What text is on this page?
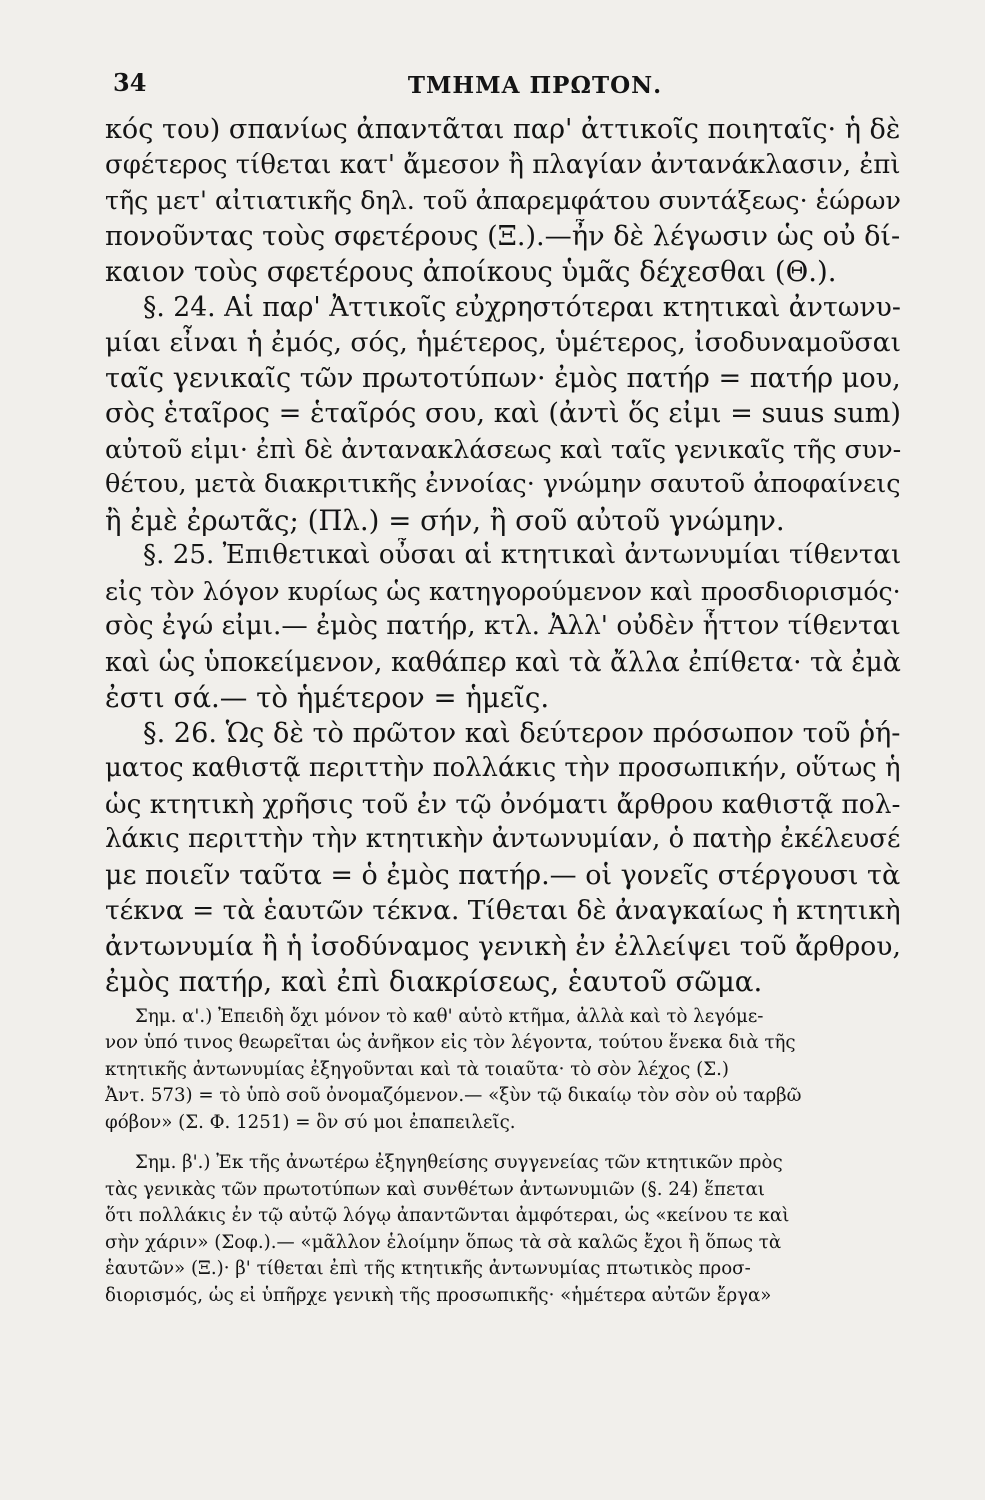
34	ΤΜΗΜΑ ΠΡΩΤΟΝ.
κός του) σπανίως ἀπαντᾶται παρ' ἀττικοῖς ποιηταῖς· ἡ δὲ
σφέτερος τίθεται κατ' ἄμεσον ἢ πλαγίαν ἀντανάκλασιν, ἐπὶ
τῆς μετ' αἰτιατικῆς δηλ. τοῦ ἀπαρεμφάτου συντάξεως· ἑώρων
πονοῦντας τοὺς σφετέρους (Ξ.).—ἦν δὲ λέγωσιν ὡς οὐ δί-
καιον τοὺς σφετέρους ἀποίκους ὑμᾶς δέχεσθαι (Θ.).
§. 24. Αἱ παρ' Ἀττικοῖς εὐχρηστότεραι κτητικαὶ ἀντωνυ-
μίαι εἶναι ἡ ἐμός, σός, ἡμέτερος, ὑμέτερος, ἰσοδυναμοῦσαι
ταῖς γενικαῖς τῶν πρωτοτύπων· ἐμὸς πατήρ = πατήρ μου,
σὸς ἑταῖρος = ἑταῖρός σου, καὶ (ἀντὶ ὅς εἰμι = suus sum)
αὐτοῦ εἰμι· ἐπὶ δὲ ἀντανακλάσεως καὶ ταῖς γενικαῖς τῆς συν-
θέτου, μετὰ διακριτικῆς ἐννοίας· γνώμην σαυτοῦ ἀποφαίνεις
ἢ ἐμὲ ἐρωτᾶς; (Πλ.) = σήν, ἢ σοῦ αὐτοῦ γνώμην.
§. 25. Ἐπιθετικαὶ οὖσαι αἱ κτητικαὶ ἀντωνυμίαι τίθενται
εἰς τὸν λόγον κυρίως ὡς κατηγορούμενον καὶ προσδιορισμός·
σὸς ἐγώ εἰμι.— ἐμὸς πατήρ, κτλ. Ἀλλ' οὐδὲν ἧττον τίθενται
καὶ ὡς ὑποκείμενον, καθάπερ καὶ τὰ ἄλλα ἐπίθετα· τὰ ἐμὰ
ἐστι σά.— τὸ ἡμέτερον = ἡμεῖς.
§. 26. Ὡς δὲ τὸ πρῶτον καὶ δεύτερον πρόσωπον τοῦ ῥή-
ματος καθιστᾷ περιττὴν πολλάκις τὴν προσωπικήν, οὕτως ἡ
ὡς κτητικὴ χρῆσις τοῦ ἐν τῷ ὀνόματι ἄρθρου καθιστᾷ πολ-
λάκις περιττὴν τὴν κτητικὴν ἀντωνυμίαν, ὁ πατὴρ ἐκέλευσέ
με ποιεῖν ταῦτα = ὁ ἐμὸς πατήρ.— οἱ γονεῖς στέργουσι τὰ
τέκνα = τὰ ἑαυτῶν τέκνα. Τίθεται δὲ ἀναγκαίως ἡ κτητικὴ
ἀντωνυμία ἢ ἡ ἰσοδύναμος γενικὴ ἐν ἐλλείψει τοῦ ἄρθρου,
ἐμὸς πατήρ, καὶ ἐπὶ διακρίσεως, ἑαυτοῦ σῶμα.
Σημ. α'.) Ἐπειδὴ ὄχι μόνον τὸ καθ' αὑτὸ κτῆμα, ἀλλὰ καὶ τὸ λεγόμε-
νον ὑπό τινος θεωρεῖται ὡς ἀνῆκον εἰς τὸν λέγοντα, τούτου ἕνεκα διὰ τῆς
κτητικῆς ἀντωνυμίας ἐξηγοῦνται καὶ τὰ τοιαῦτα· τὸ σὸν λέχος (Σ.)
Ἀντ. 573) = τὸ ὑπὸ σοῦ ὀνομαζόμενον.— «ξὺν τῷ δικαίῳ τὸν σὸν οὐ ταρβῶ
φόβον» (Σ. Φ. 1251) = ὃν σύ μοι ἐπαπειλεῖς.
Σημ. β'.) Ἐκ τῆς ἀνωτέρω ἐξηγηθείσης συγγενείας τῶν κτητικῶν πρὸς
τὰς γενικὰς τῶν πρωτοτύπων καὶ συνθέτων ἀντωνυμιῶν (§. 24) ἕπεται
ὅτι πολλάκις ἐν τῷ αὐτῷ λόγῳ ἀπαντῶνται ἀμφότεραι, ὡς «κείνου τε καὶ
σὴν χάριν» (Σοφ.).— «μᾶλλον ἑλοίμην ὅπως τὰ σὰ καλῶς ἔχοι ἢ ὅπως τὰ
ἑαυτῶν» (Ξ.)· β' τίθεται ἐπὶ τῆς κτητικῆς ἀντωνυμίας πτωτικὸς προσ-
διορισμός, ὡς εἰ ὑπῆρχε γενικὴ τῆς προσωπικῆς· «ἡμέτερα αὐτῶν ἔργα»
